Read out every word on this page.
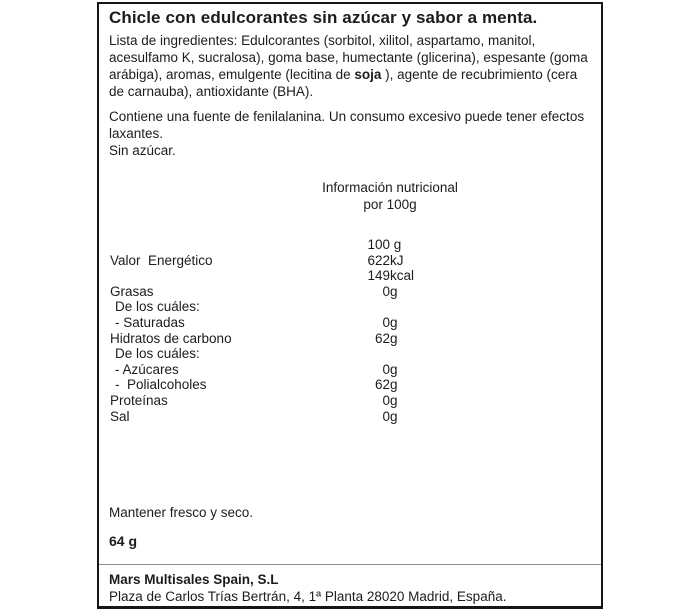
Chicle con edulcorantes sin azúcar y sabor a menta.

Lista de ingredientes: Edulcorantes (sorbitol, xilitol, aspartamo, manitol, acesulfamo K, sucralosa), goma base, humectante (glicerina), espesante (goma arábiga), aromas, emulgente (lecitina de soja ), agente de recubrimiento (cera de carnauba), antioxidante (BHA).

Contiene una fuente de fenilalanina. Un consumo excesivo puede tener efectos laxantes.
Sin azúcar.

Información nutricional
por 100g
100 g
Valor  Energético	622 kJ
149 kcal
Grasas	0 g
De los cuáles:
- Saturadas	0 g
Hidratos de carbono	62 g
De los cuáles:
- Azúcares	0 g
-  Polialcoholes	62 g
Proteínas	0 g
Sal	0 g
Mantener fresco y seco.
64 g
Mars Multisales Spain, S.L
Plaza de Carlos Trías Bertrán, 4, 1ª Planta 28020 Madrid, España.
